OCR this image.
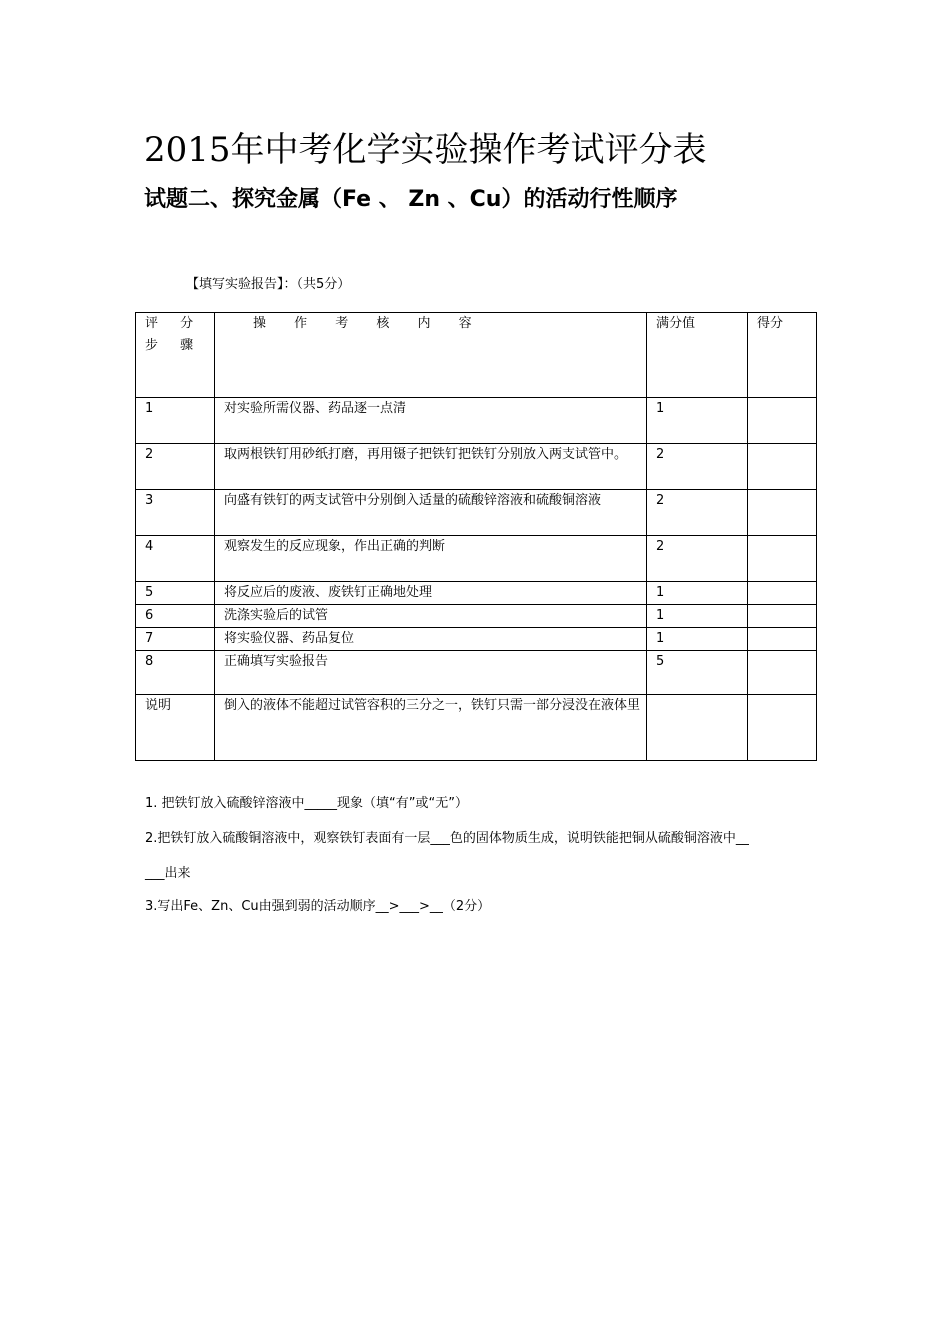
2015年中考化学实验操作考试评分表
试题二、探究金属（Fe 、 Zn 、Cu）的活动行性顺序
【填写实验报告】：（共5分）
评 分 步 骤	操 作 考 核 内 容	满分值	得分
1	对实验所需仪器、药品逐一点清	1	
2	取两根铁钉用砂纸打磨，再用镊子把铁钉把铁钉分别放入两支试管中。	2	
3	向盛有铁钉的两支试管中分别倒入适量的硫酸锌溶液和硫酸铜溶液	2	
4	观察发生的反应现象，作出正确的判断	2	
5	将反应后的废液、废铁钉正确地处理	1	
6	洗涤实验后的试管	1	
7	将实验仪器、药品复位	1	
8	正确填写实验报告	5	
说明	倒入的液体不能超过试管容积的三分之一，铁钉只需一部分浸没在液体里		
1. 把铁钉放入硫酸锌溶液中_____现象（填“有”或“无”）
2.把铁钉放入硫酸铜溶液中，观察铁钉表面有一层___色的固体物质生成，说明铁能把铜从硫酸铜溶液中__
___出来
3.写出Fe、Zn、Cu由强到弱的活动顺序__>___>__（2分）
